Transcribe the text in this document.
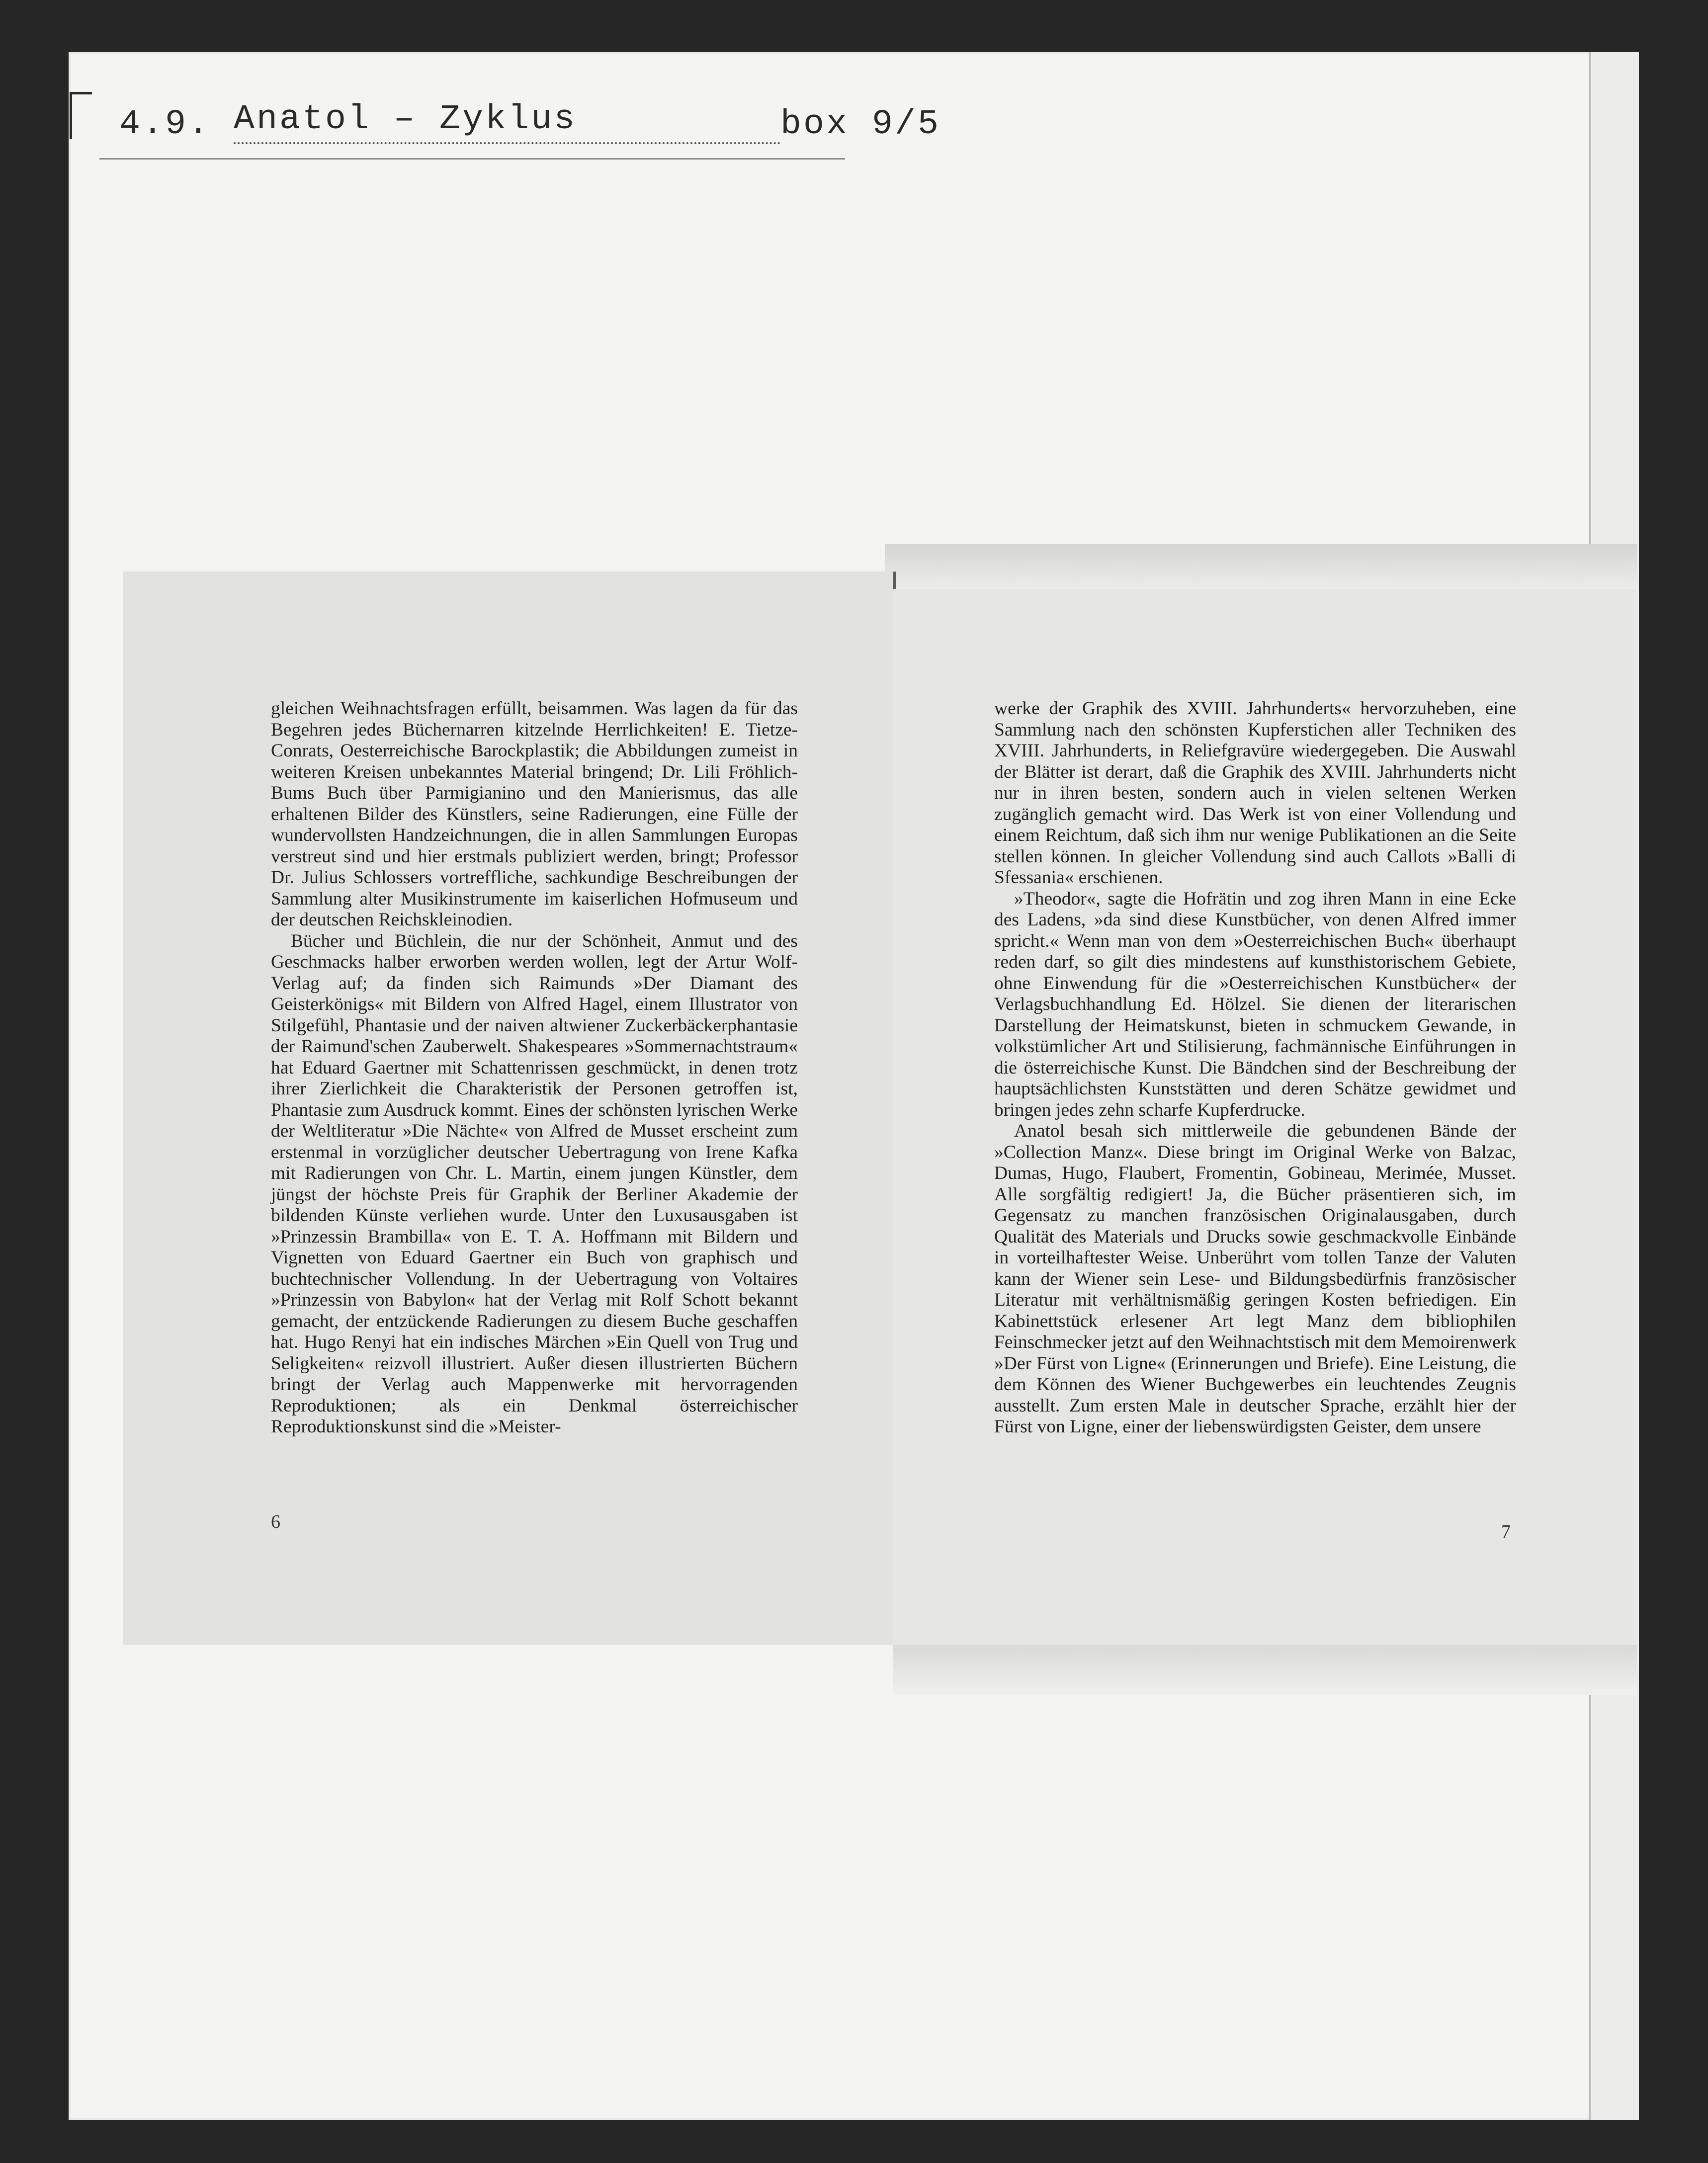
4.9. Anatol – Zyklus	box 9/5

gleichen Weihnachtsfragen erfüllt, beisammen. Was lagen da für das Begehren jedes Büchernarren kitzelnde Herrlichkeiten! E. Tietze-Conrats, Oesterreichische Barockplastik; die Abbildungen zumeist in weiteren Kreisen unbekanntes Material bringend; Dr. Lili Fröhlich-Bums Buch über Parmigianino und den Manierismus, das alle erhaltenen Bilder des Künstlers, seine Radierungen, eine Fülle der wundervollsten Handzeichnungen, die in allen Sammlungen Europas verstreut sind und hier erstmals publiziert werden, bringt; Professor Dr. Julius Schlossers vortreffliche, sachkundige Beschreibungen der Sammlung alter Musikinstrumente im kaiserlichen Hofmuseum und der deutschen Reichskleinodien.

Bücher und Büchlein, die nur der Schönheit, Anmut und des Geschmacks halber erworben werden wollen, legt der Artur Wolf-Verlag auf; da finden sich Raimunds »Der Diamant des Geisterkönigs« mit Bildern von Alfred Hagel, einem Illustrator von Stilgefühl, Phantasie und der naiven altwiener Zuckerbäckerphantasie der Raimund'schen Zauberwelt. Shakespeares »Sommernachtstraum« hat Eduard Gaertner mit Schattenrissen geschmückt, in denen trotz ihrer Zierlichkeit die Charakteristik der Personen getroffen ist, Phantasie zum Ausdruck kommt. Eines der schönsten lyrischen Werke der Weltliteratur »Die Nächte« von Alfred de Musset erscheint zum erstenmal in vorzüglicher deutscher Uebertragung von Irene Kafka mit Radierungen von Chr. L. Martin, einem jungen Künstler, dem jüngst der höchste Preis für Graphik der Berliner Akademie der bildenden Künste verliehen wurde. Unter den Luxusausgaben ist »Prinzessin Brambilla« von E. T. A. Hoffmann mit Bildern und Vignetten von Eduard Gaertner ein Buch von graphisch und buchtechnischer Vollendung. In der Uebertragung von Voltaires »Prinzessin von Babylon« hat der Verlag mit Rolf Schott bekannt gemacht, der entzückende Radierungen zu diesem Buche geschaffen hat. Hugo Renyi hat ein indisches Märchen »Ein Quell von Trug und Seligkeiten« reizvoll illustriert. Außer diesen illustrierten Büchern bringt der Verlag auch Mappenwerke mit hervorragenden Reproduktionen; als ein Denkmal österreichischer Reproduktionskunst sind die »Meister-

6

werke der Graphik des XVIII. Jahrhunderts« hervorzuheben, eine Sammlung nach den schönsten Kupferstichen aller Techniken des XVIII. Jahrhunderts, in Reliefgravüre wiedergegeben. Die Auswahl der Blätter ist derart, daß die Graphik des XVIII. Jahrhunderts nicht nur in ihren besten, sondern auch in vielen seltenen Werken zugänglich gemacht wird. Das Werk ist von einer Vollendung und einem Reichtum, daß sich ihm nur wenige Publikationen an die Seite stellen können. In gleicher Vollendung sind auch Callots »Balli di Sfessania« erschienen.

»Theodor«, sagte die Hofrätin und zog ihren Mann in eine Ecke des Ladens, »da sind diese Kunstbücher, von denen Alfred immer spricht.« Wenn man von dem »Oesterreichischen Buch« überhaupt reden darf, so gilt dies mindestens auf kunsthistorischem Gebiete, ohne Einwendung für die »Oesterreichischen Kunstbücher« der Verlagsbuchhandlung Ed. Hölzel. Sie dienen der literarischen Darstellung der Heimatskunst, bieten in schmuckem Gewande, in volkstümlicher Art und Stilisierung, fachmännische Einführungen in die österreichische Kunst. Die Bändchen sind der Beschreibung der hauptsächlichsten Kunststätten und deren Schätze gewidmet und bringen jedes zehn scharfe Kupferdrucke.

Anatol besah sich mittlerweile die gebundenen Bände der »Collection Manz«. Diese bringt im Original Werke von Balzac, Dumas, Hugo, Flaubert, Fromentin, Gobineau, Merimée, Musset. Alle sorgfältig redigiert! Ja, die Bücher präsentieren sich, im Gegensatz zu manchen französischen Originalausgaben, durch Qualität des Materials und Drucks sowie geschmackvolle Einbände in vorteilhaftester Weise. Unberührt vom tollen Tanze der Valuten kann der Wiener sein Lese- und Bildungsbedürfnis französischer Literatur mit verhältnismäßig geringen Kosten befriedigen. Ein Kabinettstück erlesener Art legt Manz dem bibliophilen Feinschmecker jetzt auf den Weihnachtstisch mit dem Memoirenwerk »Der Fürst von Ligne« (Erinnerungen und Briefe). Eine Leistung, die dem Können des Wiener Buchgewerbes ein leuchtendes Zeugnis ausstellt. Zum ersten Male in deutscher Sprache, erzählt hier der Fürst von Ligne, einer der liebenswürdigsten Geister, dem unsere

7
